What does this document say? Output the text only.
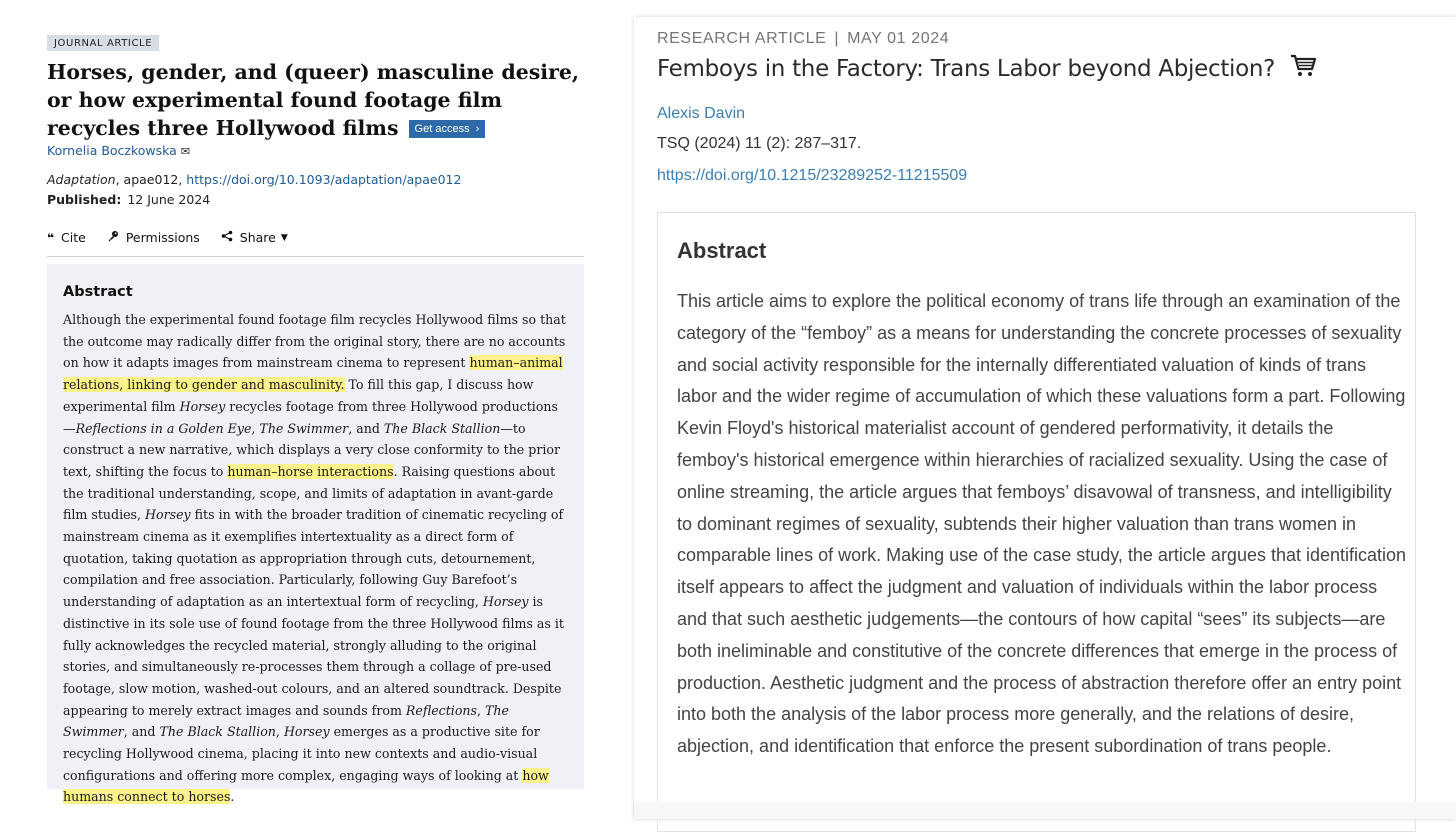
JOURNAL ARTICLE
Horses, gender, and (queer) masculine desire, or how experimental found footage film recycles three Hollywood films Get access ›
Kornelia Boczkowska ✉
Adaptation, apae012, https://doi.org/10.1093/adaptation/apae012
Published: 12 June 2024
❝ Cite	Permissions	Share ▼
Abstract
Although the experimental found footage film recycles Hollywood films so that the outcome may radically differ from the original story, there are no accounts on how it adapts images from mainstream cinema to represent human–animal relations, linking to gender and masculinity. To fill this gap, I discuss how experimental film Horsey recycles footage from three Hollywood productions—Reflections in a Golden Eye, The Swimmer, and The Black Stallion—to construct a new narrative, which displays a very close conformity to the prior text, shifting the focus to human–horse interactions. Raising questions about the traditional understanding, scope, and limits of adaptation in avant-garde film studies, Horsey fits in with the broader tradition of cinematic recycling of mainstream cinema as it exemplifies intertextuality as a direct form of quotation, taking quotation as appropriation through cuts, detournement, compilation and free association. Particularly, following Guy Barefoot’s understanding of adaptation as an intertextual form of recycling, Horsey is distinctive in its sole use of found footage from the three Hollywood films as it fully acknowledges the recycled material, strongly alluding to the original stories, and simultaneously re-processes them through a collage of pre-used footage, slow motion, washed-out colours, and an altered soundtrack. Despite appearing to merely extract images and sounds from Reflections, The Swimmer, and The Black Stallion, Horsey emerges as a productive site for recycling Hollywood cinema, placing it into new contexts and audio-visual configurations and offering more complex, engaging ways of looking at how humans connect to horses.
RESEARCH ARTICLE | MAY 01 2024
Femboys in the Factory: Trans Labor beyond Abjection?
Alexis Davin
TSQ (2024) 11 (2): 287–317.
https://doi.org/10.1215/23289252-11215509
Abstract
This article aims to explore the political economy of trans life through an examination of the category of the “femboy” as a means for understanding the concrete processes of sexuality and social activity responsible for the internally differentiated valuation of kinds of trans labor and the wider regime of accumulation of which these valuations form a part. Following Kevin Floyd's historical materialist account of gendered performativity, it details the femboy's historical emergence within hierarchies of racialized sexuality. Using the case of online streaming, the article argues that femboys’ disavowal of transness, and intelligibility to dominant regimes of sexuality, subtends their higher valuation than trans women in comparable lines of work. Making use of the case study, the article argues that identification itself appears to affect the judgment and valuation of individuals within the labor process and that such aesthetic judgements—the contours of how capital “sees” its subjects—are both ineliminable and constitutive of the concrete differences that emerge in the process of production. Aesthetic judgment and the process of abstraction therefore offer an entry point into both the analysis of the labor process more generally, and the relations of desire, abjection, and identification that enforce the present subordination of trans people.
